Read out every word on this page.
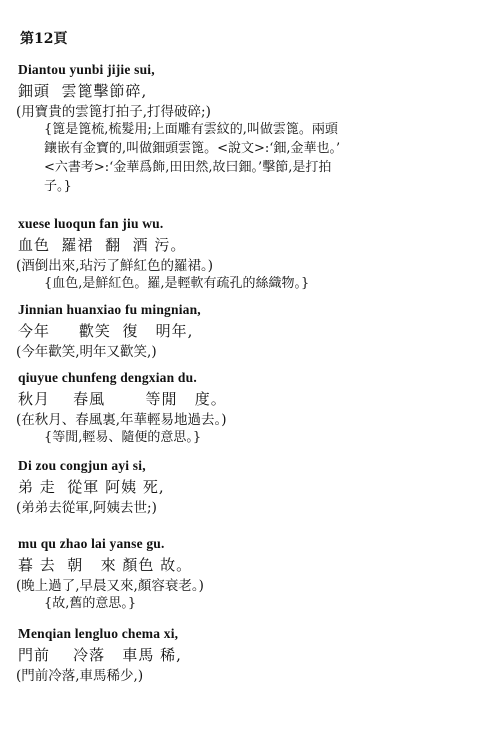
第12頁
Diantou yunbi jijie sui,
鈿頭  雲篦擊節碎,
(用寶貴的雲篦打拍子,打得破碎;)
{篦是篦梳,梳髮用;上面雕有雲紋的,叫做雲篦。兩頭
鑲嵌有金寶的,叫做鈿頭雲篦。<說文>:‘鈿,金華也。’
<六書考>:‘金華爲飾,田田然,故曰鈿。’擊節,是打拍
子。}
xuese luoqun fan jiu wu.
血色  羅裙  翻  酒 污。
(酒倒出來,玷污了鮮紅色的羅裙。)
{血色,是鮮紅色。羅,是輕軟有疏孔的絲織物。}
Jinnian huanxiao fu mingnian,
今年     歡笑  復   明年,
(今年歡笑,明年又歡笑,)
qiuyue chunfeng dengxian du.
秋月    春風       等閒   度。
(在秋月、春風裏,年華輕易地過去。)
{等閒,輕易、隨便的意思。}
Di zou congjun ayi si,
弟 走  從軍 阿姨 死,
(弟弟去從軍,阿姨去世;)
mu qu zhao lai yanse gu.
暮 去  朝   來 顏色 故。
(晚上過了,早晨又來,顏容衰老。)
{故,舊的意思。}
Menqian lengluo chema xi,
門前    冷落   車馬 稀,
(門前冷落,車馬稀少,)
